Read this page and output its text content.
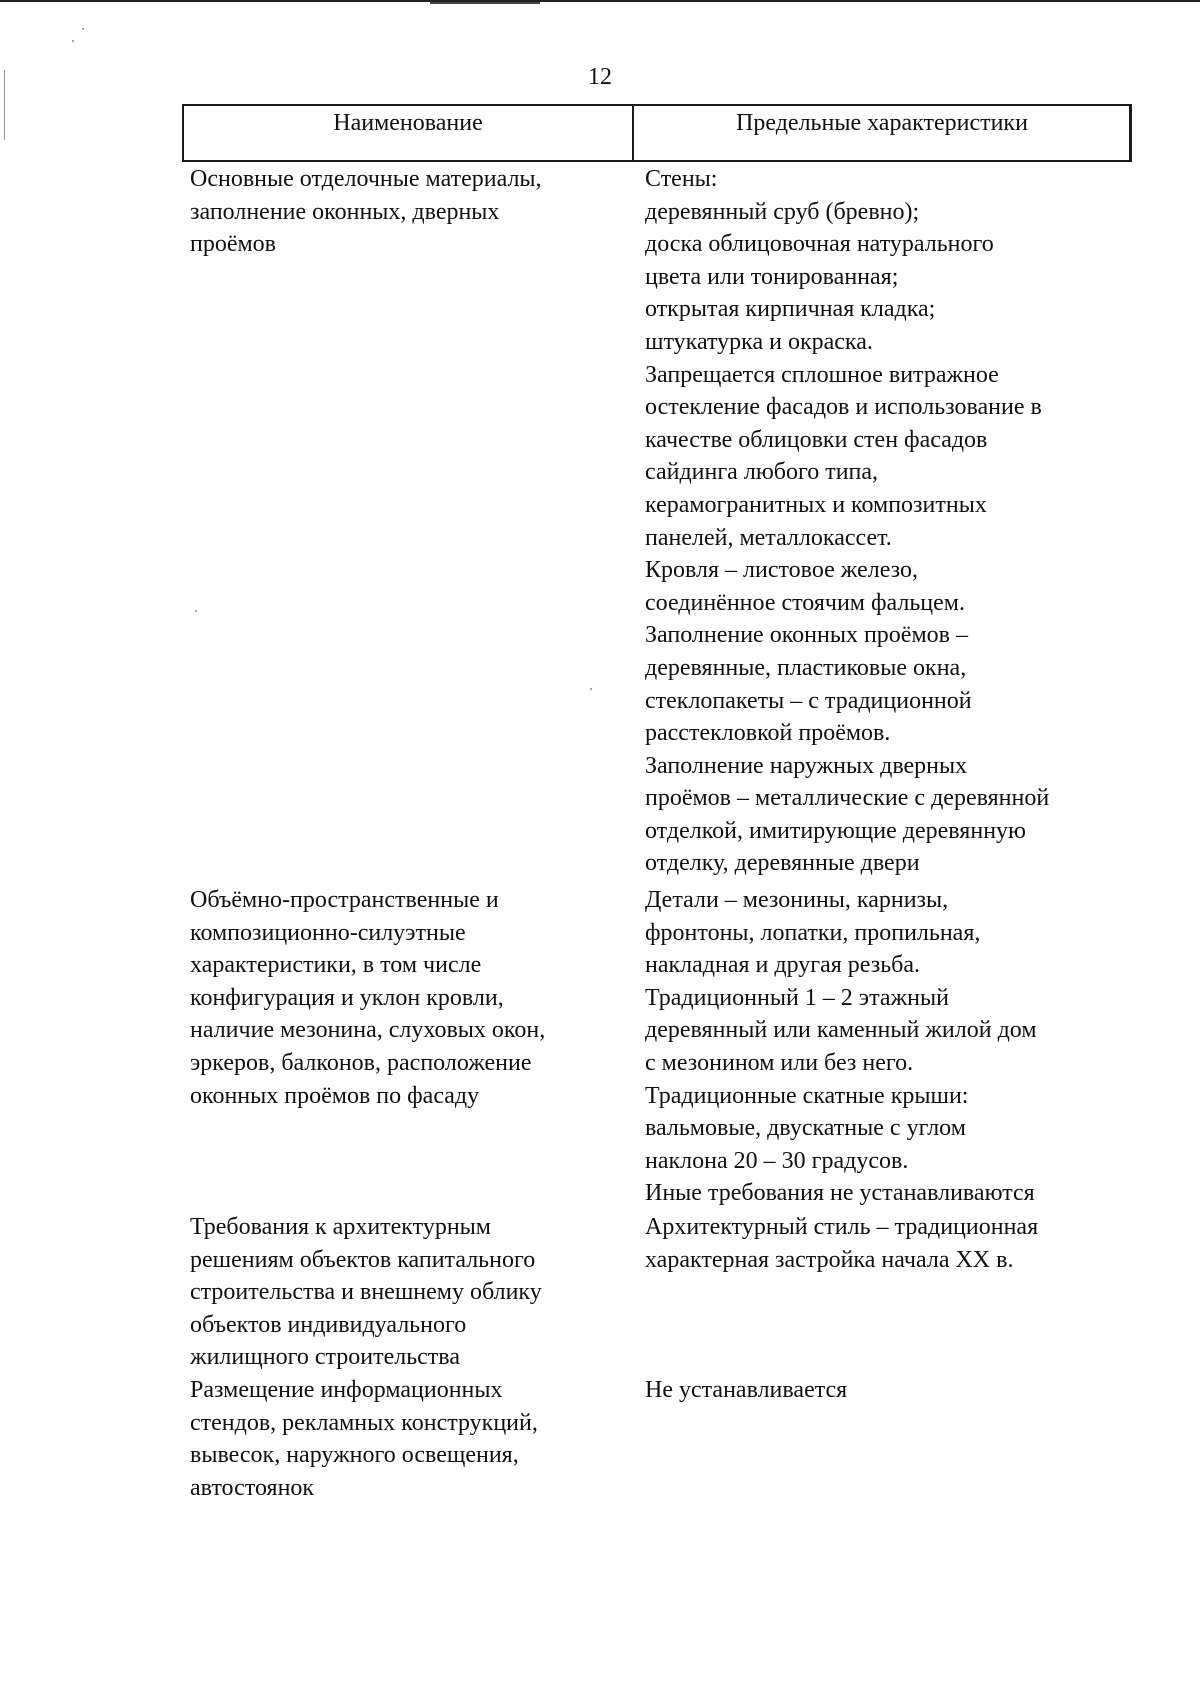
12
Наименование	Предельные характеристики
Основные отделочные материалы,
заполнение оконных, дверных
проёмов
Стены:
деревянный сруб (бревно);
доска облицовочная натурального
цвета или тонированная;
открытая кирпичная кладка;
штукатурка и окраска.
Запрещается сплошное витражное
остекление фасадов и использование в
качестве облицовки стен фасадов
сайдинга любого типа,
керамогранитных и композитных
панелей, металлокассет.
Кровля – листовое железо,
соединённое стоячим фальцем.
Заполнение оконных проёмов –
деревянные, пластиковые окна,
стеклопакеты – с традиционной
расстекловкой проёмов.
Заполнение наружных дверных
проёмов – металлические с деревянной
отделкой, имитирующие деревянную
отделку, деревянные двери
Объёмно-пространственные и
композиционно-силуэтные
характеристики, в том числе
конфигурация и уклон кровли,
наличие мезонина, слуховых окон,
эркеров, балконов, расположение
оконных проёмов по фасаду
Детали – мезонины, карнизы,
фронтоны, лопатки, пропильная,
накладная и другая резьба.
Традиционный 1 – 2 этажный
деревянный или каменный жилой дом
с мезонином или без него.
Традиционные скатные крыши:
вальмовые, двускатные с углом
наклона 20 – 30 градусов.
Иные требования не устанавливаются
Требования к архитектурным
решениям объектов капитального
строительства и внешнему облику
объектов индивидуального
жилищного строительства
Архитектурный стиль – традиционная
характерная застройка начала XX в.
Размещение информационных
стендов, рекламных конструкций,
вывесок, наружного освещения,
автостоянок
Не устанавливается
